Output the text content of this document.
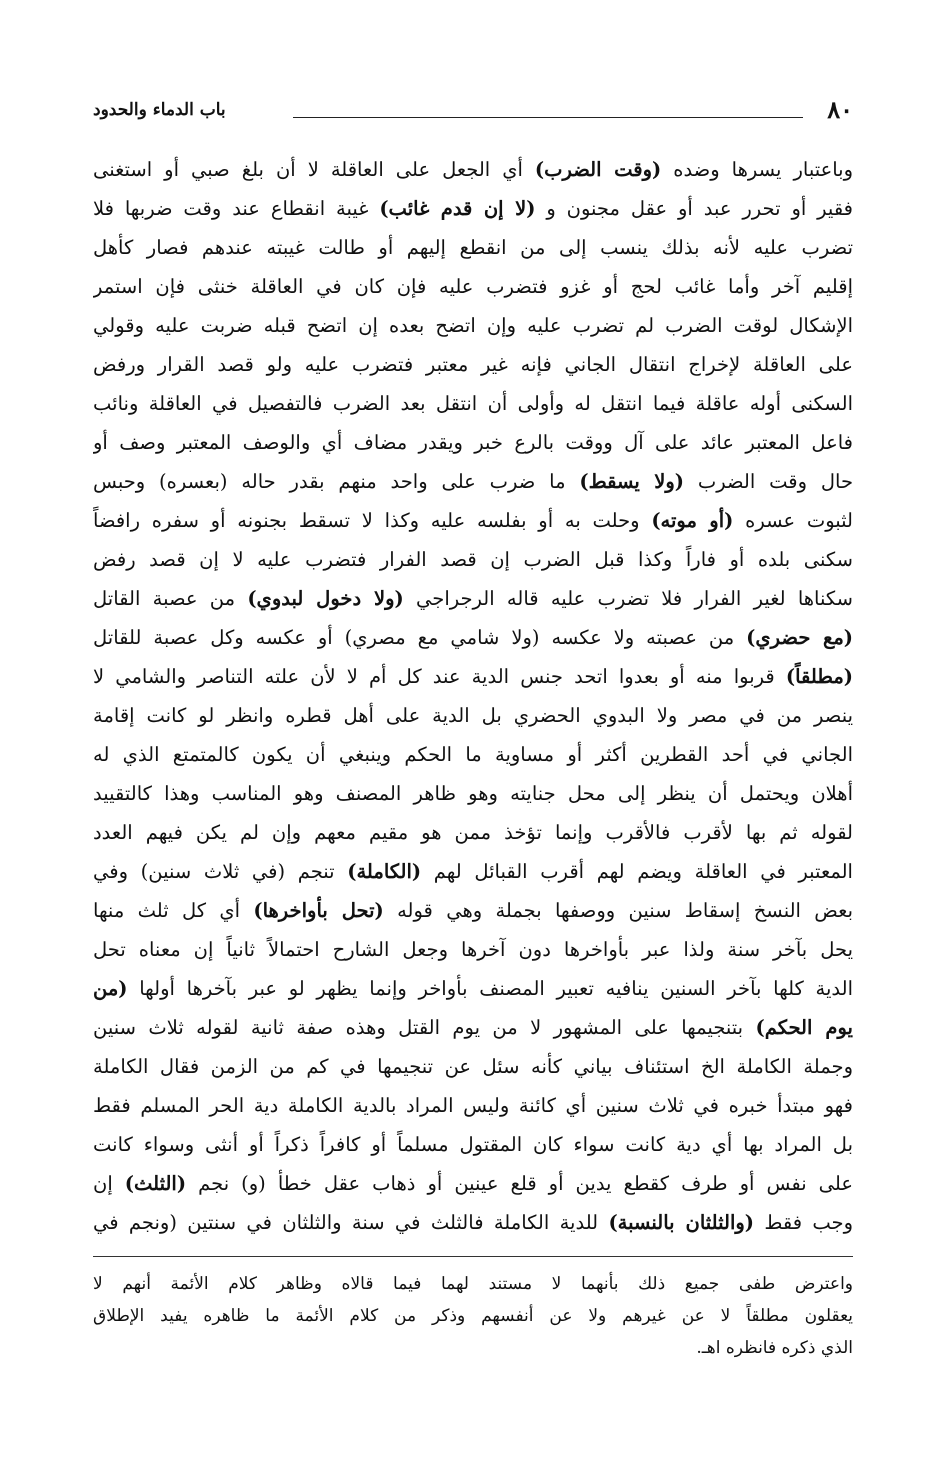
٨٠
باب الدماء والحدود
وباعتبار يسرها وضده (وقت الضرب) أي الجعل على العاقلة لا أن بلغ صبي أو استغنى
فقير أو تحرر عبد أو عقل مجنون و (لا إن قدم غائب) غيبة انقطاع عند وقت ضربها فلا
تضرب عليه لأنه بذلك ينسب إلى من انقطع إليهم أو طالت غيبته عندهم فصار كأهل
إقليم آخر وأما غائب لحج أو غزو فتضرب عليه فإن كان في العاقلة خنثى فإن استمر
الإشكال لوقت الضرب لم تضرب عليه وإن اتضح بعده إن اتضح قبله ضربت عليه وقولي
على العاقلة لإخراج انتقال الجاني فإنه غير معتبر فتضرب عليه ولو قصد القرار ورفض
السكنى أوله عاقلة فيما انتقل له وأولى أن انتقل بعد الضرب فالتفصيل في العاقلة ونائب
فاعل المعتبر عائد على آل ووقت بالرع خبر ويقدر مضاف أي والوصف المعتبر وصف أو
حال وقت الضرب (ولا يسقط) ما ضرب على واحد منهم بقدر حاله (بعسره) وحبس
لثبوت عسره (أو موته) وحلت به أو بفلسه عليه وكذا لا تسقط بجنونه أو سفره رافضاً
سكنى بلده أو فاراً وكذا قبل الضرب إن قصد الفرار فتضرب عليه لا إن قصد رفض
سكناها لغير الفرار فلا تضرب عليه قاله الرجراجي (ولا دخول لبدوي) من عصبة القاتل
(مع حضري) من عصبته ولا عكسه (ولا شامي مع مصري) أو عكسه وكل عصبة للقاتل
(مطلقاً) قربوا منه أو بعدوا اتحد جنس الدية عند كل أم لا لأن علته التناصر والشامي لا
ينصر من في مصر ولا البدوي الحضري بل الدية على أهل قطره وانظر لو كانت إقامة
الجاني في أحد القطرين أكثر أو مساوية ما الحكم وينبغي أن يكون كالمتمتع الذي له
أهلان ويحتمل أن ينظر إلى محل جنايته وهو ظاهر المصنف وهو المناسب وهذا كالتقييد
لقوله ثم بها لأقرب فالأقرب وإنما تؤخذ ممن هو مقيم معهم وإن لم يكن فيهم العدد
المعتبر في العاقلة ويضم لهم أقرب القبائل لهم (الكاملة) تنجم (في ثلاث سنين) وفي
بعض النسخ إسقاط سنين ووصفها بجملة وهي قوله (تحل بأواخرها) أي كل ثلث منها
يحل بآخر سنة ولذا عبر بأواخرها دون آخرها وجعل الشارح احتمالاً ثانياً إن معناه تحل
الدية كلها بآخر السنين ينافيه تعبير المصنف بأواخر وإنما يظهر لو عبر بآخرها أولها (من
يوم الحكم) بتنجيمها على المشهور لا من يوم القتل وهذه صفة ثانية لقوله ثلاث سنين
وجملة الكاملة الخ استئناف بياني كأنه سئل عن تنجيمها في كم من الزمن فقال الكاملة
فهو مبتدأ خبره في ثلاث سنين أي كائنة وليس المراد بالدية الكاملة دية الحر المسلم فقط
بل المراد بها أي دية كانت سواء كان المقتول مسلماً أو كافراً ذكراً أو أنثى وسواء كانت
على نفس أو طرف كقطع يدين أو قلع عينين أو ذهاب عقل خطأ (و) نجم (الثلث) إن
وجب فقط (والثلثان بالنسبة) للدية الكاملة فالثلث في سنة والثلثان في سنتين (ونجم في
واعترض طفى جميع ذلك بأنهما لا مستند لهما فيما قالاه وظاهر كلام الأئمة أنهم لا
يعقلون مطلقاً لا عن غيرهم ولا عن أنفسهم وذكر من كلام الأئمة ما ظاهره يفيد الإطلاق
الذي ذكره فانظره اهـ.
